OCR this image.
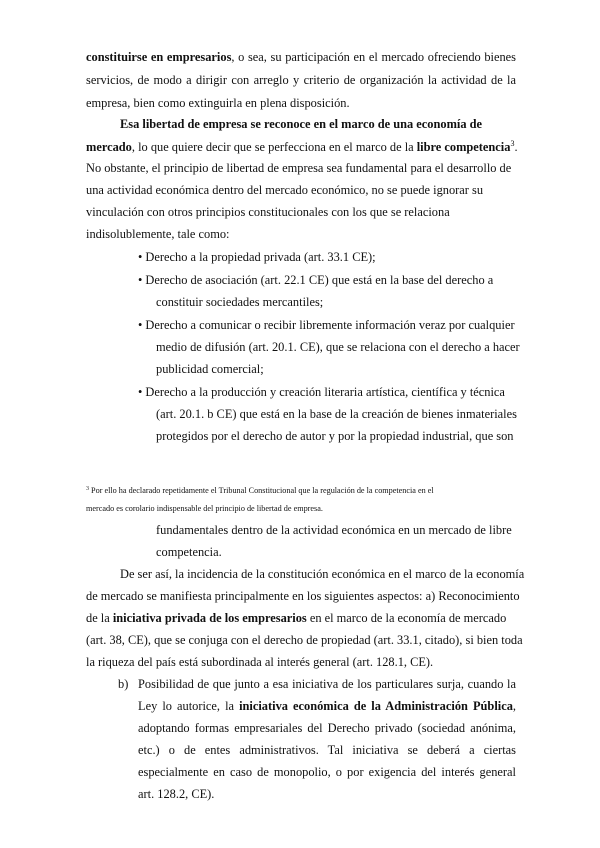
constituirse en empresarios, o sea, su participación en el mercado ofreciendo bienes
servicios, de modo a dirigir con arreglo y criterio de organización la actividad de la
empresa, bien como extinguirla en plena disposición.
Esa libertad de empresa se reconoce en el marco de una economía de
mercado, lo que quiere decir que se perfecciona en el marco de la libre competencia$^3$.
No obstante, el principio de libertad de empresa sea fundamental para el desarrollo de
una actividad económica dentro del mercado económico, no se puede ignorar su
vinculación con otros principios constitucionales con los que se relaciona
indisolublemente, tale como:
• Derecho a la propiedad privada (art. 33.1 CE);
• Derecho de asociación (art. 22.1 CE) que está en la base del derecho a
constituir sociedades mercantiles;
• Derecho a comunicar o recibir libremente información veraz por cualquier
medio de difusión (art. 20.1. CE), que se relaciona con el derecho a hacer
publicidad comercial;
• Derecho a la producción y creación literaria artística, científica y técnica
(art. 20.1. b CE) que está en la base de la creación de bienes inmateriales
protegidos por el derecho de autor y por la propiedad industrial, que son
$^3$ Por ello ha declarado repetidamente el Tribunal Constitucional que la regulación de la competencia en el
mercado es corolario indispensable del principio de libertad de empresa.
fundamentales dentro de la actividad económica en un mercado de libre
competencia.
De ser así, la incidencia de la constitución económica en el marco de la economía
de mercado se manifiesta principalmente en los siguientes aspectos: a) Reconocimiento
de la iniciativa privada de los empresarios en el marco de la economía de mercado
(art. 38, CE), que se conjuga con el derecho de propiedad (art. 33.1, citado), si bien toda
la riqueza del país está subordinada al interés general (art. 128.1, CE).
b) Posibilidad de que junto a esa iniciativa de los particulares surja, cuando la
Ley lo autorice, la iniciativa económica de la Administración Pública,
adoptando formas empresariales del Derecho privado (sociedad anónima,
etc.) o de entes administrativos. Tal iniciativa se deberá a ciertas
especialmente en caso de monopolio, o por exigencia del interés general
art. 128.2, CE).
